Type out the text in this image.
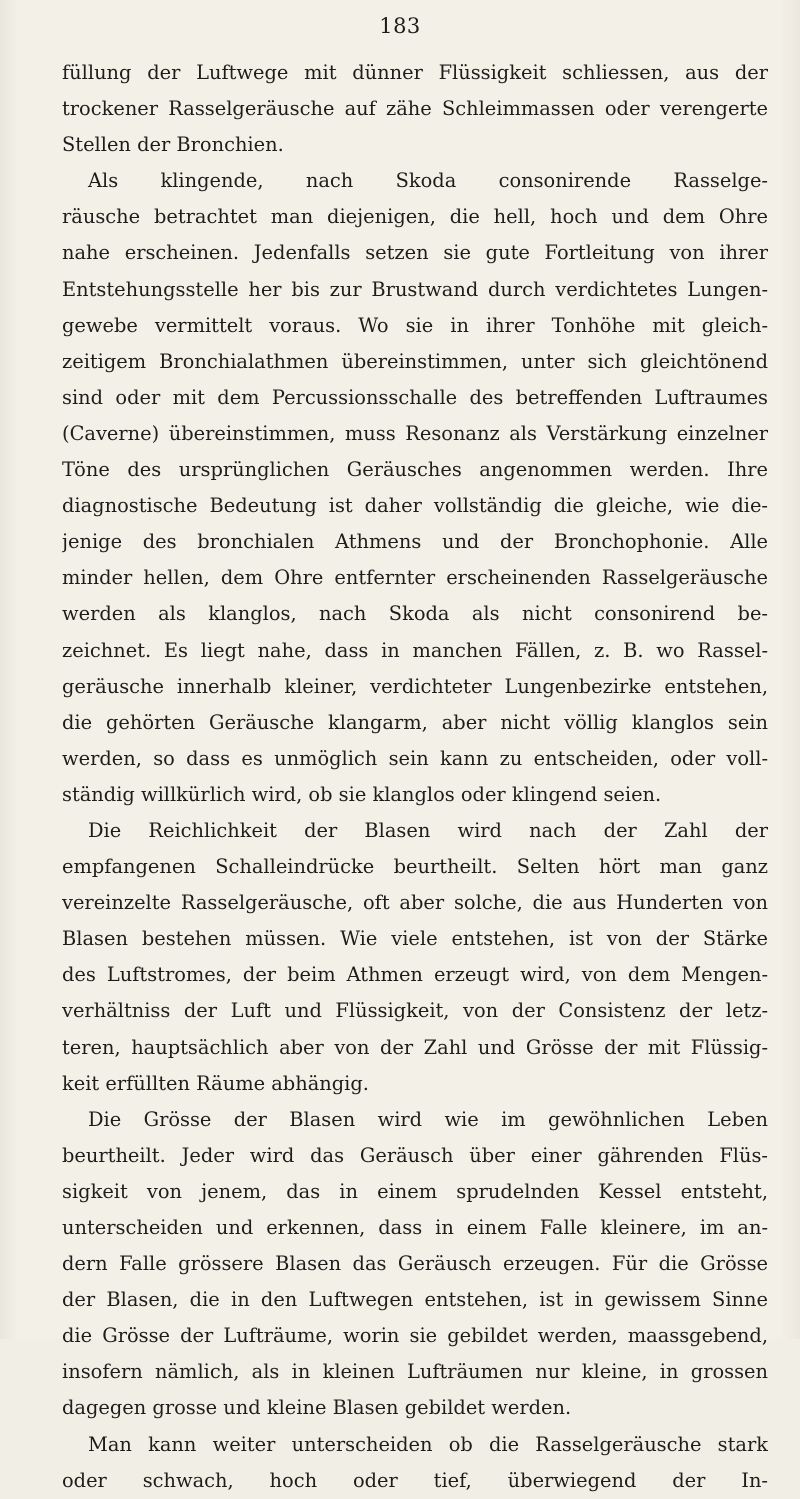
183
füllung der Luftwege mit dünner Flüssigkeit schliessen, aus der
trockener Rasselgeräusche auf zähe Schleimmassen oder verengerte
Stellen der Bronchien.
Als klingende, nach Skoda consonirende Rasselge-
räusche betrachtet man diejenigen, die hell, hoch und dem Ohre
nahe erscheinen. Jedenfalls setzen sie gute Fortleitung von ihrer
Entstehungsstelle her bis zur Brustwand durch verdichtetes Lungen-
gewebe vermittelt voraus. Wo sie in ihrer Tonhöhe mit gleich-
zeitigem Bronchialathmen übereinstimmen, unter sich gleichtönend
sind oder mit dem Percussionsschalle des betreffenden Luftraumes
(Caverne) übereinstimmen, muss Resonanz als Verstärkung einzelner
Töne des ursprünglichen Geräusches angenommen werden. Ihre
diagnostische Bedeutung ist daher vollständig die gleiche, wie die-
jenige des bronchialen Athmens und der Bronchophonie. Alle
minder hellen, dem Ohre entfernter erscheinenden Rasselgeräusche
werden als klanglos, nach Skoda als nicht consonirend be-
zeichnet. Es liegt nahe, dass in manchen Fällen, z. B. wo Rassel-
geräusche innerhalb kleiner, verdichteter Lungenbezirke entstehen,
die gehörten Geräusche klangarm, aber nicht völlig klanglos sein
werden, so dass es unmöglich sein kann zu entscheiden, oder voll-
ständig willkürlich wird, ob sie klanglos oder klingend seien.
Die Reichlichkeit der Blasen wird nach der Zahl der
empfangenen Schalleindrücke beurtheilt. Selten hört man ganz
vereinzelte Rasselgeräusche, oft aber solche, die aus Hunderten von
Blasen bestehen müssen. Wie viele entstehen, ist von der Stärke
des Luftstromes, der beim Athmen erzeugt wird, von dem Mengen-
verhältniss der Luft und Flüssigkeit, von der Consistenz der letz-
teren, hauptsächlich aber von der Zahl und Grösse der mit Flüssig-
keit erfüllten Räume abhängig.
Die Grösse der Blasen wird wie im gewöhnlichen Leben
beurtheilt. Jeder wird das Geräusch über einer gährenden Flüs-
sigkeit von jenem, das in einem sprudelnden Kessel entsteht,
unterscheiden und erkennen, dass in einem Falle kleinere, im an-
dern Falle grössere Blasen das Geräusch erzeugen. Für die Grösse
der Blasen, die in den Luftwegen entstehen, ist in gewissem Sinne
die Grösse der Lufträume, worin sie gebildet werden, maassgebend,
insofern nämlich, als in kleinen Lufträumen nur kleine, in grossen
dagegen grosse und kleine Blasen gebildet werden.
Man kann weiter unterscheiden ob die Rasselgeräusche stark
oder schwach, hoch oder tief, überwiegend der In-
